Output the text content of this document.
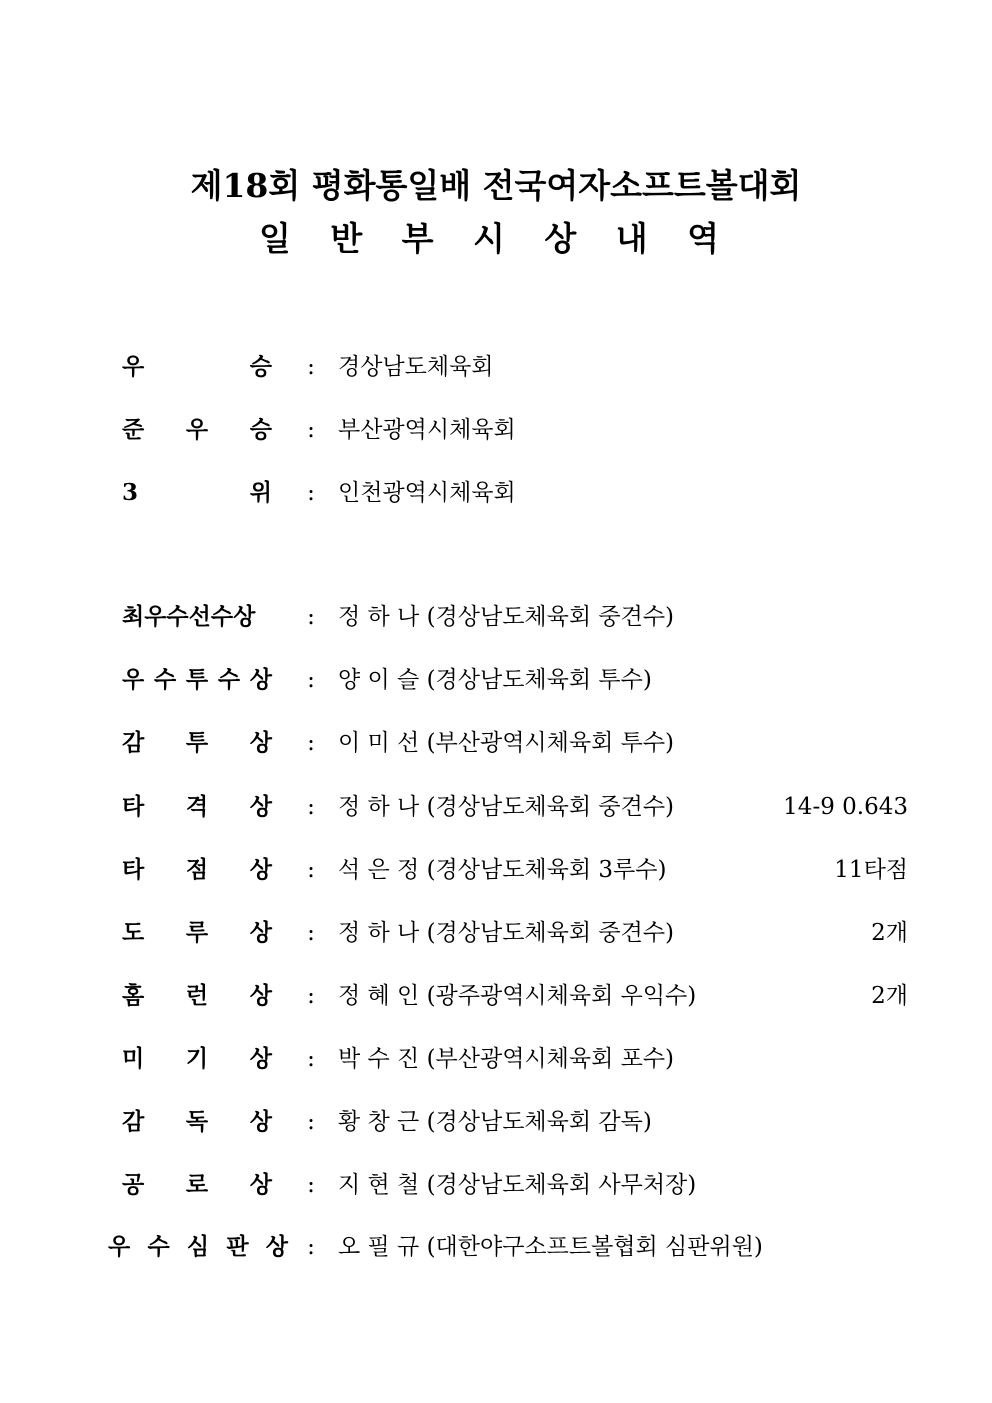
제18회 평화통일배 전국여자소프트볼대회
일 반 부 시 상 내 역
우	승 : 경상남도체육회
준 우 승 : 부산광역시체육회
3	위 : 인천광역시체육회
최우수선수상 : 정 하 나 (경상남도체육회 중견수)
우 수 투 수 상 : 양 이 슬 (경상남도체육회 투수)
감 투 상 : 이 미 선 (부산광역시체육회 투수)
타 격 상 : 정 하 나 (경상남도체육회 중견수)	14-9 0.643
타 점 상 : 석 은 정 (경상남도체육회 3루수)	11타점
도 루 상 : 정 하 나 (경상남도체육회 중견수)	2개
홈 런 상 : 정 혜 인 (광주광역시체육회 우익수)	2개
미 기 상 : 박 수 진 (부산광역시체육회 포수)
감 독 상 : 황 창 근 (경상남도체육회 감독)
공 로 상 : 지 현 철 (경상남도체육회 사무처장)
우 수 심 판 상 : 오 필 규 (대한야구소프트볼협회 심판위원)
